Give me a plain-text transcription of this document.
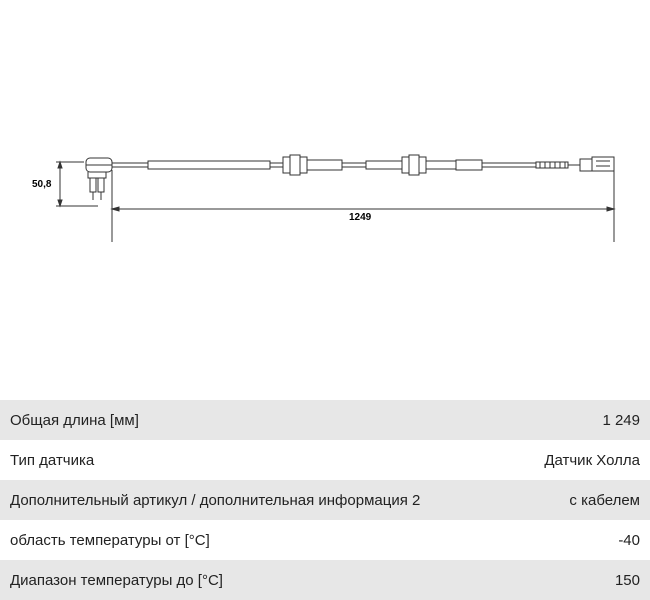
50,8
1249
Общая длина [мм]	1 249
Тип датчика	Датчик Холла
Дополнительный артикул / дополнительная информация 2	с кабелем
область температуры от [°C]	-40
Диапазон температуры до [°C]	150
